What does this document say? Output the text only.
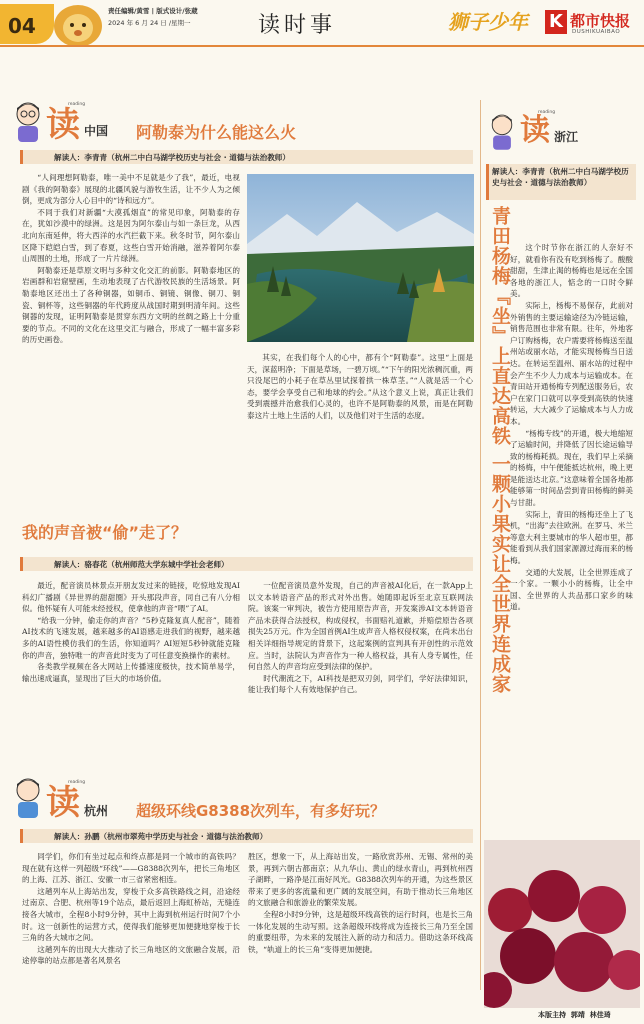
04
责任编辑/黄雪 | 版式设计/张葳
2024 年 6 月 24 日 /星期一	读时事	狮子少年 K 都市快报
DUSHIKUAIBAO
读
reading
中国 阿勒泰为什么能这么火
解读人：李青青（杭州二中白马湖学校历史与社会 · 道德与法治教师）

“人间理想阿勒泰，唯一美中不足就是少了我”，最近，电视剧《我的阿勒泰》展现的北疆风貌与游牧生活，让不少人为之倾倒，更成为部分人心目中的“诗和远方”。

不同于我们对新疆“大漠孤烟直”的常见印象，阿勒泰的存在，犹如沙漠中的绿洲。这是因为阿尔泰山与如一条巨龙，从西北向东南延伸，将大西洋的水汽拦截下来。秋冬时节，阿尔泰山区降下皑皑白雪，到了春夏，这些白雪开始消融，滋养着阿尔泰山周围的土地，形成了一片片绿洲。

阿勒泰还是草原文明与多种文化交汇的前影。阿勒泰地区的岩画群和岩窟壁画，生动地表现了古代游牧民族的生活场景。阿勒泰地区还出土了各种铜器，如铜币、铜镜、铜像、铜刀、铜瓷、铜杯等，这些铜器的年代跨度从战国时期到明清年间。这些铜器的发现，证明阿勒泰是贯穿东西方文明的丝绸之路上十分重要的节点。不同的文化在这里交汇与融合，形成了一幅丰富多彩的历史画卷。

其实，在我们每个人的心中，都有个“阿勒泰”。这里“上面是天，深蓝明净；下面是草场，一碧万顷。”“下午的阳光浓稠沉重，两只没尾巴的小耗子在草丛里试探着拱一株草茎。”“人就是活一个心态，要学会享受自己和地球的约会。”从这个意义上说，真正让我们受到震撼并治愈我们心灵的，也许不是阿勒泰的风景，而是在阿勒泰这片土地上生活的人们，以及他们对于生活的态度。

我的声音被“偷”走了？
解读人：骆春花（杭州师范大学东城中学社会老师）

最近，配音演员林景点开朋友发过来的链接，吃惊地发现AI科幻广播剧《异世界的甜甜圈》开头那段声音，同自己有八分相似。他怀疑有人可能未经授权，使拿他的声音“喂”了AI。

“给我一分钟，偷走你的声音？”5秒克隆复真人配音”，随着AI技术的飞速发展，越来越多的AI语感走进我们的视野，越来越多的AI语性模仿我们的生活，你知道吗？AI短短5秒钟就能克隆你的声音，独特唯一的声音此时变为了可任意变换操作的素材。

各类教学视频在各大网站上传播速度极快，技术简单易学，输出速成逼真，显现出了巨大的市场价值。

一位配音演员意外发现，自己的声音被AI化后，在一款App上以文本转语音产品的形式对外出售。她随即起诉至北京互联网法院。该案一审判决，被告方使用原告声音，开发案涉AI文本转语音产品未获得合法授权，构成侵权，书面赔礼道歉，并赔偿原告各项损失25万元。作为全国首例AI生成声音人格权侵权案，在尚未出台相关详细指导规定的背景下，这起案例的宣判具有开创性的示范效应。当时，法院认为声音作为一种人格权益，具有人身专属性，任何自然人的声音均应受到法律的保护。

时代潮流之下，AI科技是把双刃剑，同学们，学好法律知识，能让我们每个人有效地保护自己。

读
reading
杭州 超级环线G8388次列车，有多好玩？
解读人：孙鹏（杭州市翠苑中学历史与社会 · 道德与法治教师）

同学们，你们有坐过起点和终点都是同一个城市的高铁吗？现在就有这样一列超级“环线”——G8388次列车，把长三角地区的上海、江苏、浙江、安徽一市三省紧密相连。

这趟列车从上海站出发，穿梭于众多高铁路线之间，沿途经过南京、合肥、杭州等19个站点，最后返回上海虹桥站，无缝连接各大城市，全程8小时9分钟，其中上海到杭州运行时间7个小时。这一创新性的运营方式，使得我们能够更加便捷地穿梭于长三角的各大城市之间。

这趟列车的出现大大推动了长三角地区的文旅融合发展，沿途停靠的站点都是著名风景名

胜区，想象一下，从上海站出发，一路欣赏苏州、无锡、常州的美景，再到六朝古都南京；从九华山、黄山的绿水青山，再到杭州西子湖畔，一路净是江南好风光。G8388次列车的开通，为这些景区带来了更多的客流量和更广阔的发展空间，有助于推动长三角地区的文旅融合和旅游业的繁荣发展。

全程8小时9分钟，这是超级环线高铁的运行时间，也是长三角一体化发展的生动写照。这条超级环线将成为连接长三角乃至全国的重要纽带，为未来的发展注入新的动力和活力。借助这条环线高铁，“轨道上的长三角”变得更加便捷。

读
reading
浙江
解读人：李青青（杭州二中白马湖学校历史与社会 · 道德与法治教师）
青田杨梅『坐』上直达高铁 一颗小果实让全世界连成家	这个时节你在浙江的人奈好不好，就看你有没有吃到杨梅了。酸酸甜甜，生津止渴的杨梅也是远在全国各地的浙江人，惦念的一口时令鲜美。

实际上，杨梅不易保存，此前对外销售的主要运输途径为冷链运输，销售范围也非常有限。往年，外地客户订购杨梅，农户需要将杨梅送至温州站或丽水站，才能实现杨梅当日送达。在转运至温州、丽水站的过程中会产生不少人力成本与运输成本。在青田站开通杨梅专列配送服务后，农户在家门口就可以享受到高铁的快速转运，大大减少了运输成本与人力成本。

“杨梅专线”的开通，极大地缩短了运输时间，并降低了因长途运输导致的杨梅耗损。现在，我们早上采摘的杨梅，中午便能抵达杭州，晚上更是能送达北京。”这意味着全国各地都能够第一时间品尝到青田杨梅的鲜美与甘甜。

实际上，青田的杨梅还坐上了飞机，“出海”去往欧洲。在罗马、米兰等意大利主要城市的华人超市里，都能看到从我们国家源源过海而来的杨梅。

交通的大发展，让全世界连成了一个家。一颗小小的杨梅，让全中国、全世界的人共品那口家乡的味道。

本版主持  郭靖  林佳琦
